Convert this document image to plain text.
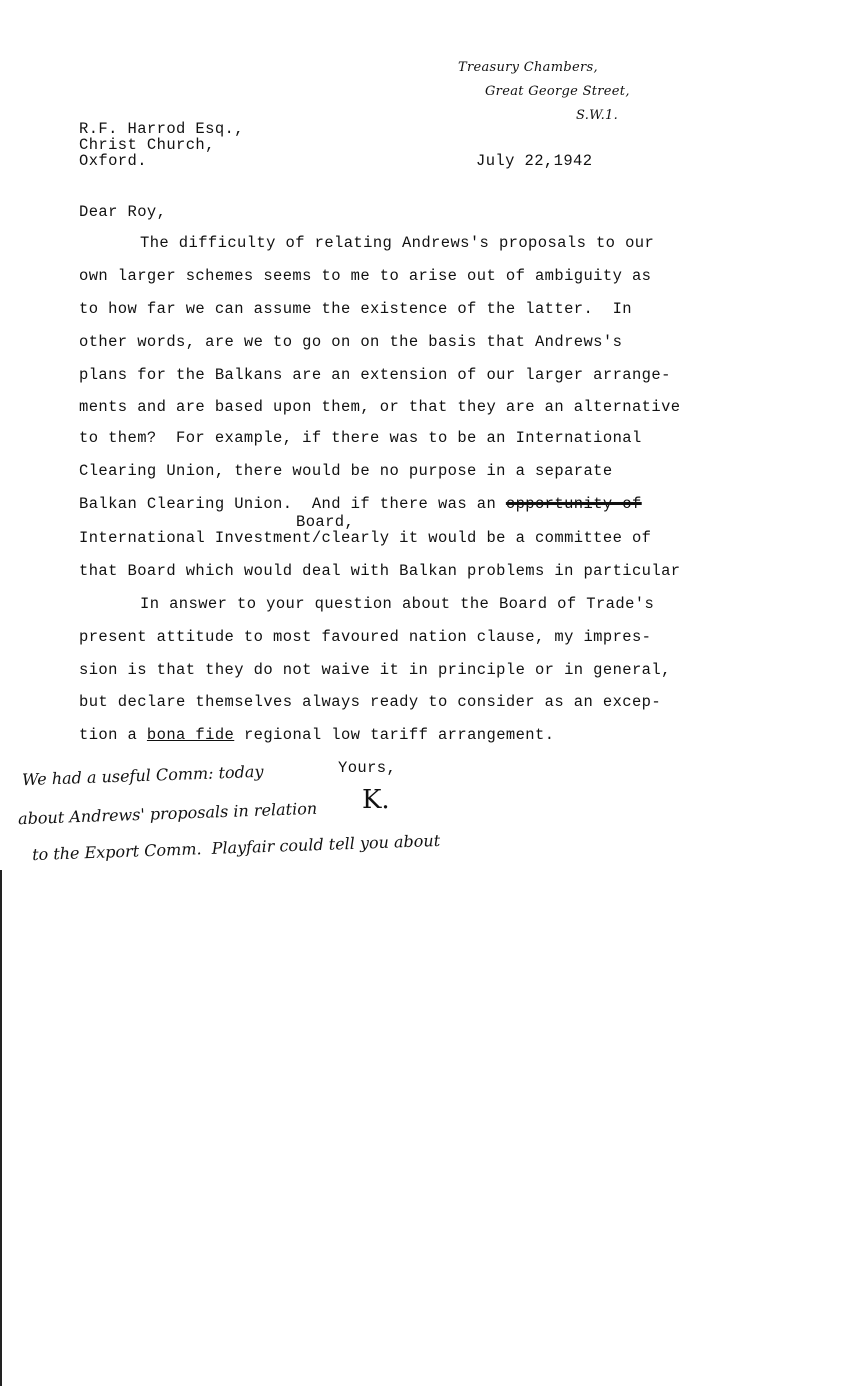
Treasury Chambers,
Great George Street,
S.W.1.
R.F. Harrod Esq.,
Christ Church,
Oxford.	July 22,1942
Dear Roy,
The difficulty of relating Andrews's proposals to our
own larger schemes seems to me to arise out of ambiguity as
to how far we can assume the existence of the latter.  In
other words, are we to go on on the basis that Andrews's
plans for the Balkans are an extension of our larger arrange-
ments and are based upon them, or that they are an alternative
to them?  For example, if there was to be an International
Clearing Union, there would be no purpose in a separate
Balkan Clearing Union.  And if there was an opportunity of
Board,
International Investment/clearly it would be a committee of
that Board which would deal with Balkan problems in particular
In answer to your question about the Board of Trade's
present attitude to most favoured nation clause, my impres-
sion is that they do not waive it in principle or in general,
but declare themselves always ready to consider as an excep-
tion a bona fide regional low tariff arrangement.
Yours,
K.
We had a useful Comm: today
about Andrews' proposals in relation
to the Export Comm.  Playfair could tell you about
